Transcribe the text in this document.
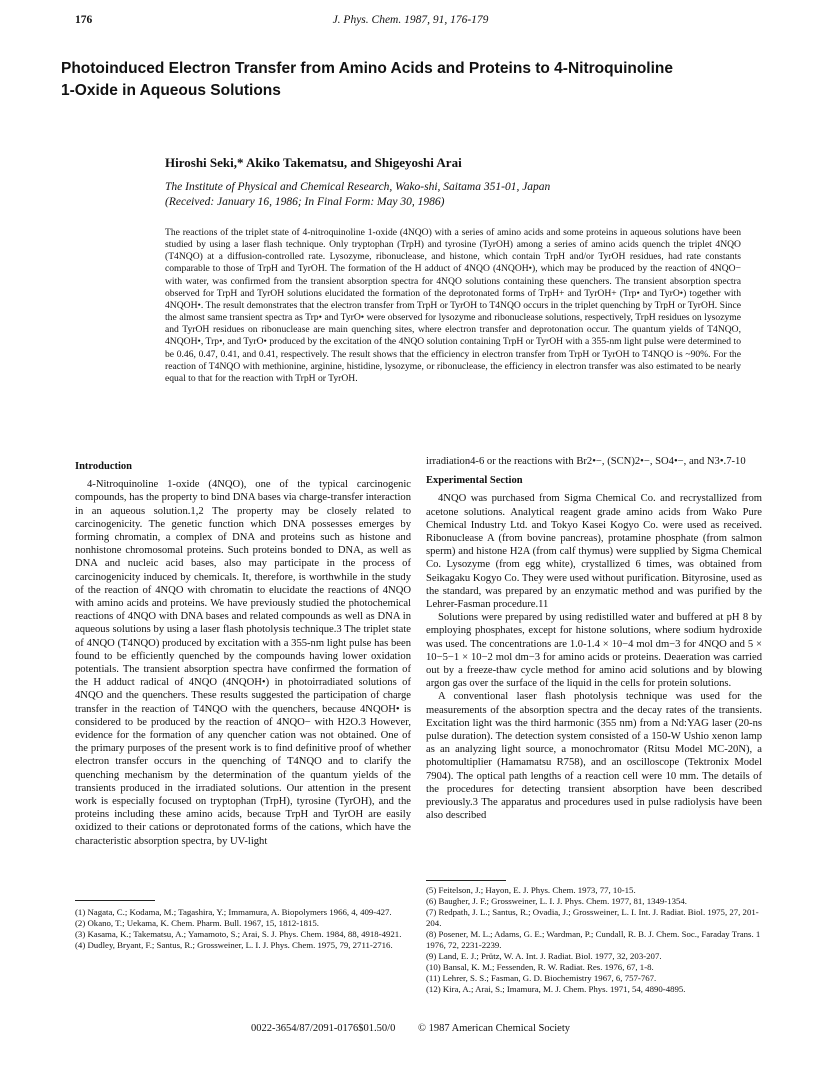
176	J. Phys. Chem. 1987, 91, 176-179
Photoinduced Electron Transfer from Amino Acids and Proteins to 4-Nitroquinoline
1-Oxide in Aqueous Solutions
Hiroshi Seki,* Akiko Takematsu, and Shigeyoshi Arai
The Institute of Physical and Chemical Research, Wako-shi, Saitama 351-01, Japan
(Received: January 16, 1986; In Final Form: May 30, 1986)
The reactions of the triplet state of 4-nitroquinoline 1-oxide (4NQO) with a series of amino acids and some proteins in aqueous solutions have been studied by using a laser flash technique. Only tryptophan (TrpH) and tyrosine (TyrOH) among a series of amino acids quench the triplet 4NQO (T4NQO) at a diffusion-controlled rate. Lysozyme, ribonuclease, and histone, which contain TrpH and/or TyrOH residues, had rate constants comparable to those of TrpH and TyrOH. The formation of the H adduct of 4NQO (4NQOH•), which may be produced by the reaction of 4NQO− with water, was confirmed from the transient absorption spectra for 4NQO solutions containing these quenchers. The transient absorption spectra observed for TrpH and TyrOH solutions elucidated the formation of the deprotonated forms of TrpH+ and TyrOH+ (Trp• and TyrO•) together with 4NQOH•. The result demonstrates that the electron transfer from TrpH or TyrOH to T4NQO occurs in the triplet quenching by TrpH or TyrOH. Since the almost same transient spectra as Trp• and TyrO• were observed for lysozyme and ribonuclease solutions, respectively, TrpH residues on lysozyme and TyrOH residues on ribonuclease are main quenching sites, where electron transfer and deprotonation occur. The quantum yields of T4NQO, 4NQOH•, Trp•, and TyrO• produced by the excitation of the 4NQO solution containing TrpH or TyrOH with a 355-nm light pulse were determined to be 0.46, 0.47, 0.41, and 0.41, respectively. The result shows that the efficiency in electron transfer from TrpH or TyrOH to T4NQO is ~90%. For the reaction of T4NQO with methionine, arginine, histidine, lysozyme, or ribonuclease, the efficiency in electron transfer was also estimated to be nearly equal to that for the reaction with TrpH or TyrOH.
Introduction

4-Nitroquinoline 1-oxide (4NQO), one of the typical carcinogenic compounds, has the property to bind DNA bases via charge-transfer interaction in an aqueous solution.1,2 The property may be closely related to carcinogenicity. The genetic function which DNA possesses emerges by forming chromatin, a complex of DNA and proteins such as histone and nonhistone chromosomal proteins. Such proteins bonded to DNA, as well as DNA and nucleic acid bases, also may participate in the process of carcinogenicity induced by chemicals. It, therefore, is worthwhile in the study of the reaction of 4NQO with chromatin to elucidate the reactions of 4NQO with amino acids and proteins. We have previously studied the photochemical reactions of 4NQO with DNA bases and related compounds as well as DNA in aqueous solutions by using a laser flash photolysis technique.3 The triplet state of 4NQO (T4NQO) produced by excitation with a 355-nm light pulse has been found to be efficiently quenched by the compounds having lower oxidation potentials. The transient absorption spectra have confirmed the formation of the H adduct radical of 4NQO (4NQOH•) in photoirradiated solutions of 4NQO and the quenchers. These results suggested the participation of charge transfer in the reaction of T4NQO with the quenchers, because 4NQOH• is considered to be produced by the reaction of 4NQO− with H2O.3 However, evidence for the formation of any quencher cation was not obtained. One of the primary purposes of the present work is to find definitive proof of whether electron transfer occurs in the quenching of T4NQO and to clarify the quenching mechanism by the determination of the quantum yields of the transients produced in the irradiated solutions. Our attention in the present work is especially focused on tryptophan (TrpH), tyrosine (TyrOH), and the proteins including these amino acids, because TrpH and TyrOH are easily oxidized to their cations or deprotonated forms of the cations, which have the characteristic absorption spectra, by UV-light

irradiation4-6 or the reactions with Br2•−, (SCN)2•−, SO4•−, and N3•.7-10

Experimental Section

4NQO was purchased from Sigma Chemical Co. and recrystallized from acetone solutions. Analytical reagent grade amino acids from Wako Pure Chemical Industry Ltd. and Tokyo Kasei Kogyo Co. were used as received. Ribonuclease A (from bovine pancreas), protamine phosphate (from salmon sperm) and histone H2A (from calf thymus) were supplied by Sigma Chemical Co. Lysozyme (from egg white), crystallized 6 times, was obtained from Seikagaku Kogyo Co. They were used without purification. Bityrosine, used as the standard, was prepared by an enzymatic method and was purified by the Lehrer-Fasman procedure.11

Solutions were prepared by using redistilled water and buffered at pH 8 by employing phosphates, except for histone solutions, where sodium hydroxide was used. The concentrations are 1.0-1.4 × 10−4 mol dm−3 for 4NQO and 5 × 10−5−1 × 10−2 mol dm−3 for amino acids or proteins. Deaeration was carried out by a freeze-thaw cycle method for amino acid solutions and by blowing argon gas over the surface of the liquid in the cells for protein solutions.

A conventional laser flash photolysis technique was used for the measurements of the absorption spectra and the decay rates of the transients. Excitation light was the third harmonic (355 nm) from a Nd:YAG laser (20-ns pulse duration). The detection system consisted of a 150-W Ushio xenon lamp as an analyzing light source, a monochromator (Ritsu Model MC-20N), a photomultiplier (Hamamatsu R758), and an oscilloscope (Tektronix Model 7904). The optical path lengths of a reaction cell were 10 mm. The details of the procedures for detecting transient absorption have been described previously.3 The apparatus and procedures used in pulse radiolysis have been also described

(1) Nagata, C.; Kodama, M.; Tagashira, Y.; Immamura, A. Biopolymers 1966, 4, 409-427.

(2) Okano, T.; Uekama, K. Chem. Pharm. Bull. 1967, 15, 1812-1815.

(3) Kasama, K.; Takematsu, A.; Yamamoto, S.; Arai, S. J. Phys. Chem. 1984, 88, 4918-4921.

(4) Dudley, Bryant, F.; Santus, R.; Grossweiner, L. I. J. Phys. Chem. 1975, 79, 2711-2716.

(5) Feitelson, J.; Hayon, E. J. Phys. Chem. 1973, 77, 10-15.

(6) Baugher, J. F.; Grossweiner, L. I. J. Phys. Chem. 1977, 81, 1349-1354.

(7) Redpath, J. L.; Santus, R.; Ovadia, J.; Grossweiner, L. I. Int. J. Radiat. Biol. 1975, 27, 201-204.

(8) Posener, M. L.; Adams, G. E.; Wardman, P.; Cundall, R. B. J. Chem. Soc., Faraday Trans. 1 1976, 72, 2231-2239.

(9) Land, E. J.; Prütz, W. A. Int. J. Radiat. Biol. 1977, 32, 203-207.

(10) Bansal, K. M.; Fessenden, R. W. Radiat. Res. 1976, 67, 1-8.

(11) Lehrer, S. S.; Fasman, G. D. Biochemistry 1967, 6, 757-767.

(12) Kira, A.; Arai, S.; Imamura, M. J. Chem. Phys. 1971, 54, 4890-4895.

0022-3654/87/2091-0176$01.50/0 © 1987 American Chemical Society
